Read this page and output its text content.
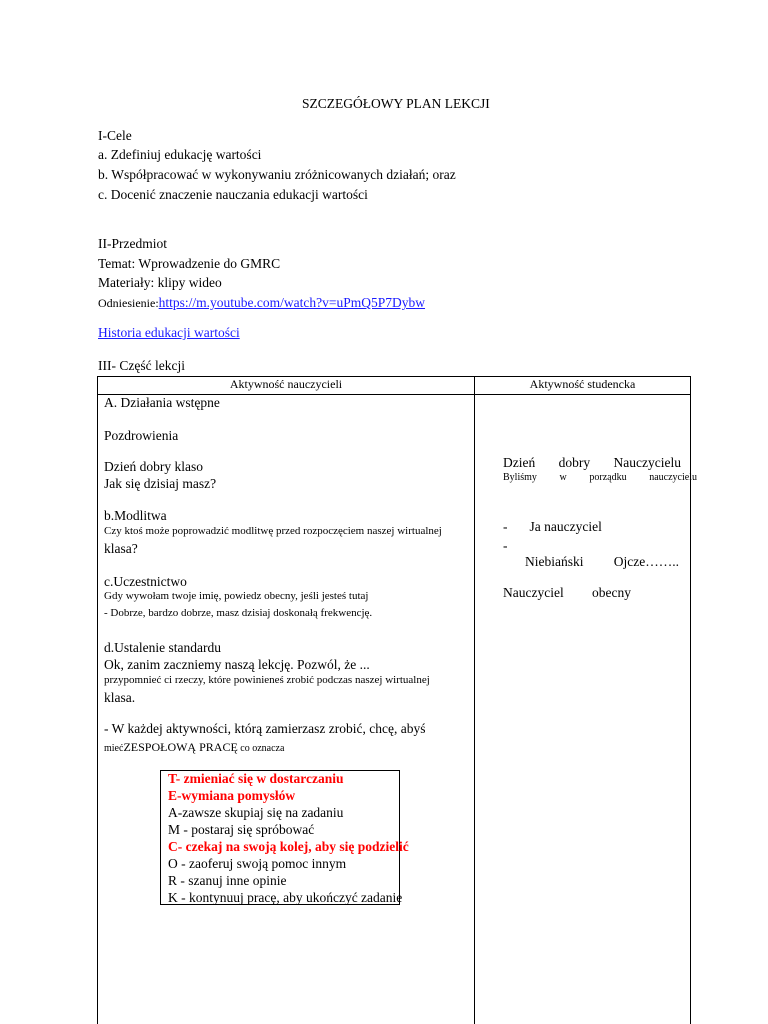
SZCZEGÓŁOWY PLAN LEKCJI
I-Cele
a. Zdefiniuj edukację wartości
b. Współpracować w wykonywaniu zróżnicowanych działań; oraz
c. Docenić znaczenie nauczania edukacji wartości
II-Przedmiot
Temat: Wprowadzenie do GMRC
Materiały: klipy wideo
Odniesienie:https://m.youtube.com/watch?v=uPmQ5P7Dybw
Historia edukacji wartości
III- Część lekcji
Aktywność nauczycieli	Aktywność studencka
A. Działania wstępne
Pozdrowienia
Dzień dobry klaso
Jak się dzisiaj masz?
b.Modlitwa
Czy ktoś może poprowadzić modlitwę przed rozpoczęciem naszej wirtualnej
klasa?
c.Uczestnictwo
Gdy wywołam twoje imię, powiedz obecny, jeśli jesteś tutaj
- Dobrze, bardzo dobrze, masz dzisiaj doskonałą frekwencję.
d.Ustalenie standardu
Ok, zanim zaczniemy naszą lekcję. Pozwól, że ...
przypomnieć ci rzeczy, które powinieneś zrobić podczas naszej wirtualnej
klasa.
- W każdej aktywności, którą zamierzasz zrobić, chcę, abyś
miećZESPOŁOWĄ PRACĘ co oznacza
T- zmieniać się w dostarczaniu
E-wymiana pomysłów
A-zawsze skupiaj się na zadaniu
M - postaraj się spróbować
C- czekaj na swoją kolej, aby się podzielić
O - zaoferuj swoją pomoc innym
R - szanuj inne opinie
K - kontynuuj pracę, aby ukończyć zadanie
Dzień dobry Nauczycielu
Byliśmy w porządku nauczycielu
- Ja nauczyciel
-
Niebiański Ojcze……..
Nauczyciel obecny
